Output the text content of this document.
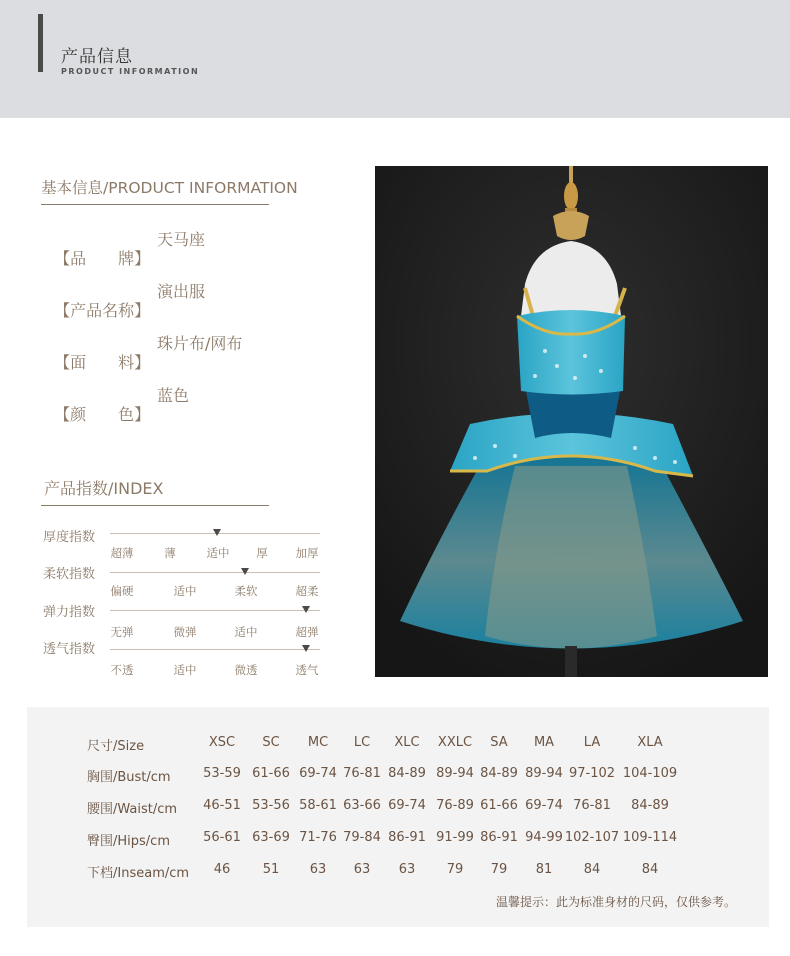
产品信息
PRODUCT INFORMATION
基本信息/PRODUCT INFORMATION

【品　　牌】

天马座

【产品名称】

演出服

【面　　料】

珠片布/网布

【颜　　色】

蓝色

产品指数/INDEX
厚度指数
超薄	薄	适中 厚 加厚
柔软指数
偏硬	适中	柔软	超柔
弹力指数
无弹	微弹	适中	超弹
透气指数
不透	适中	微透	透气
尺寸/Size	XSC SC MC LC XLC XXLC SA MA LA	XLA
胸围/Bust/cm	53-59 61-66 69-74 76-81 84-89 89-94 84-89 89-94 97-102 104-109
腰围/Waist/cm 46-51 53-56 58-61 63-66 69-74 76-89 61-66 69-74 76-81 84-89
臀围/Hips/cm	56-61 63-69 71-76 79-84 86-91 91-99 86-91 94-99 102-107 109-114
下档/Inseam/cm 46 51 63 63 63 79 79 81 84	84
温馨提示：此为标准身材的尺码，仅供参考。
